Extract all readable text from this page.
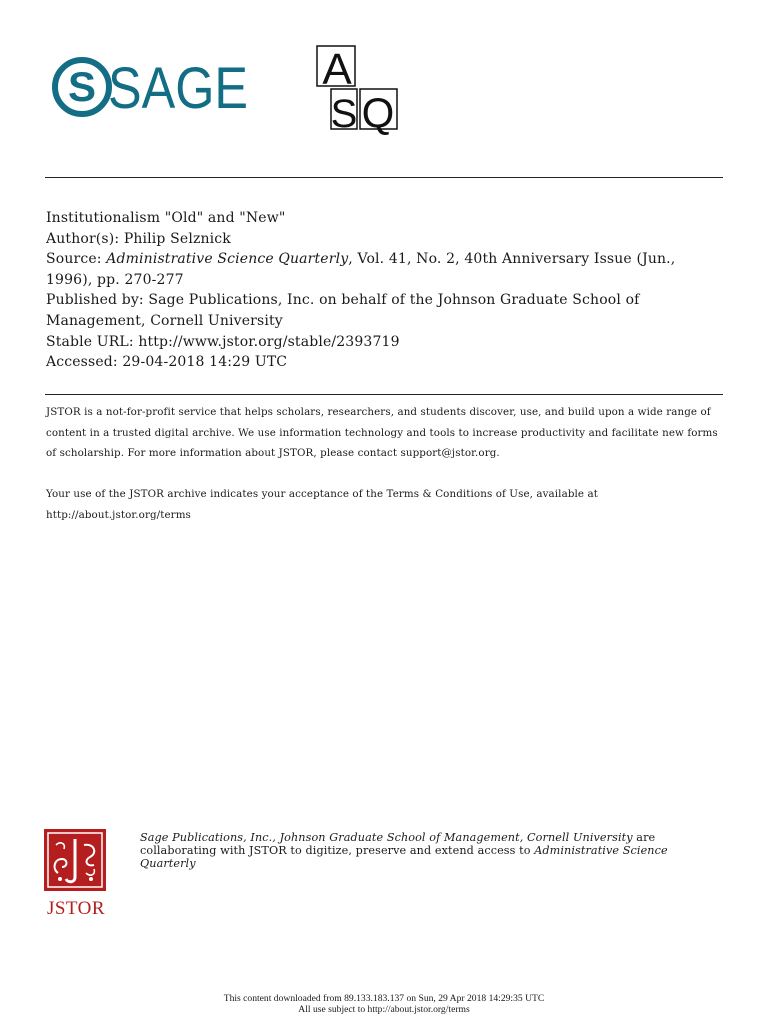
S SAGE A
S Q

Institutionalism "Old" and "New"

Author(s): Philip Selznick

Source: Administrative Science Quarterly, Vol. 41, No. 2, 40th Anniversary Issue (Jun., 1996), pp. 270-277

Published by: Sage Publications, Inc. on behalf of the Johnson Graduate School of Management, Cornell University

Stable URL: http://www.jstor.org/stable/2393719

Accessed: 29-04-2018 14:29 UTC

JSTOR is a not-for-profit service that helps scholars, researchers, and students discover, use, and build upon a wide range of content in a trusted digital archive. We use information technology and tools to increase productivity and facilitate new forms of scholarship. For more information about JSTOR, please contact support@jstor.org.

Your use of the JSTOR archive indicates your acceptance of the Terms & Conditions of Use, available at http://about.jstor.org/terms

JSTOR

Sage Publications, Inc., Johnson Graduate School of Management, Cornell University are collaborating with JSTOR to digitize, preserve and extend access to Administrative Science Quarterly

This content downloaded from 89.133.183.137 on Sun, 29 Apr 2018 14:29:35 UTC

All use subject to http://about.jstor.org/terms
